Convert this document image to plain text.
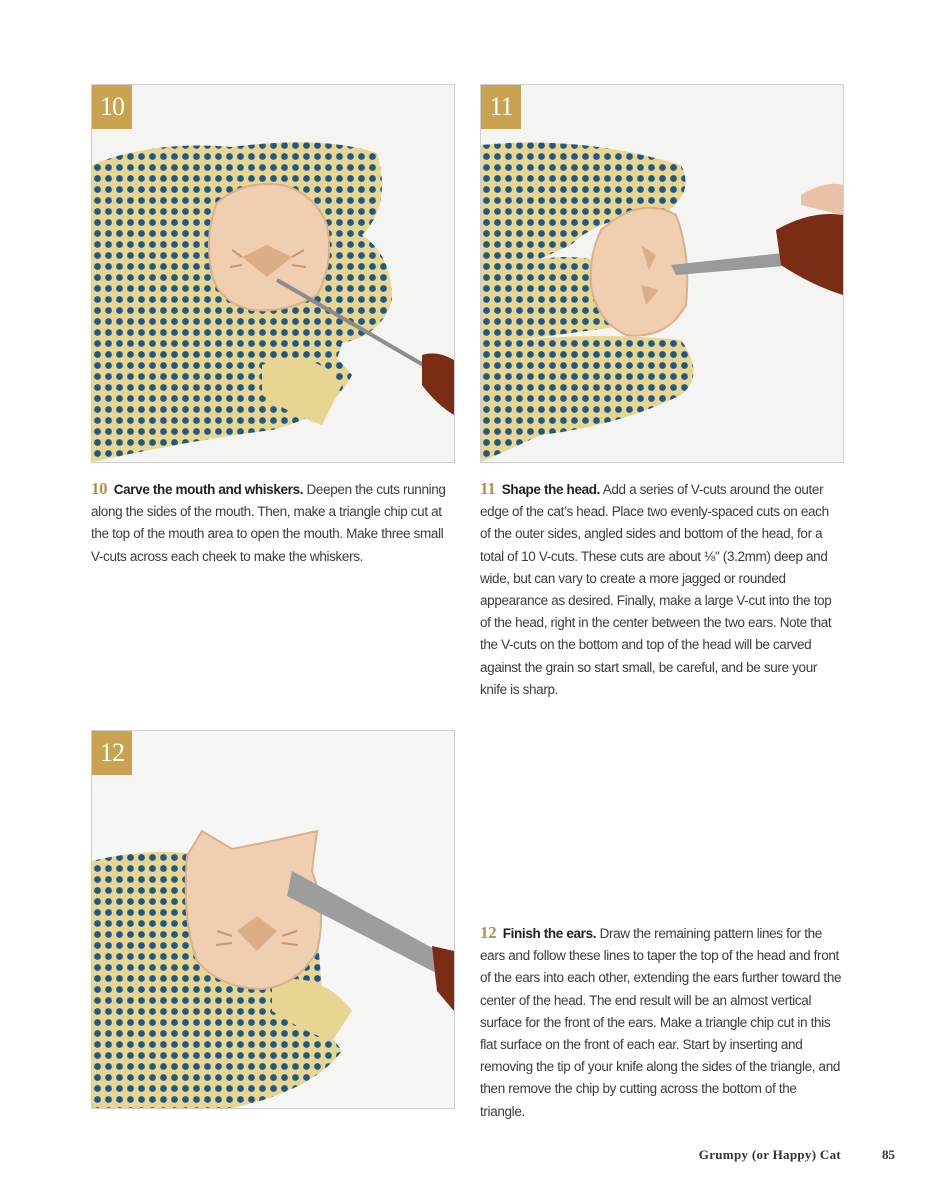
10	11
12

10 Carve the mouth and whiskers. Deepen the cuts running along the sides of the mouth. Then, make a triangle chip cut at the top of the mouth area to open the mouth. Make three small V-cuts across each cheek to make the whiskers.

11 Shape the head. Add a series of V-cuts around the outer edge of the cat’s head. Place two evenly-spaced cuts on each of the outer sides, angled sides and bottom of the head, for a total of 10 V-cuts. These cuts are about ⅛" (3.2mm) deep and wide, but can vary to create a more jagged or rounded appearance as desired. Finally, make a large V-cut into the top of the head, right in the center between the two ears. Note that the V-cuts on the bottom and top of the head will be carved against the grain so start small, be careful, and be sure your knife is sharp.

12 Finish the ears. Draw the remaining pattern lines for the ears and follow these lines to taper the top of the head and front of the ears into each other, extending the ears further toward the center of the head. The end result will be an almost vertical surface for the front of the ears. Make a triangle chip cut in this flat surface on the front of each ear. Start by inserting and removing the tip of your knife along the sides of the triangle, and then remove the chip by cutting across the bottom of the triangle.

Grumpy (or Happy) Cat	85
